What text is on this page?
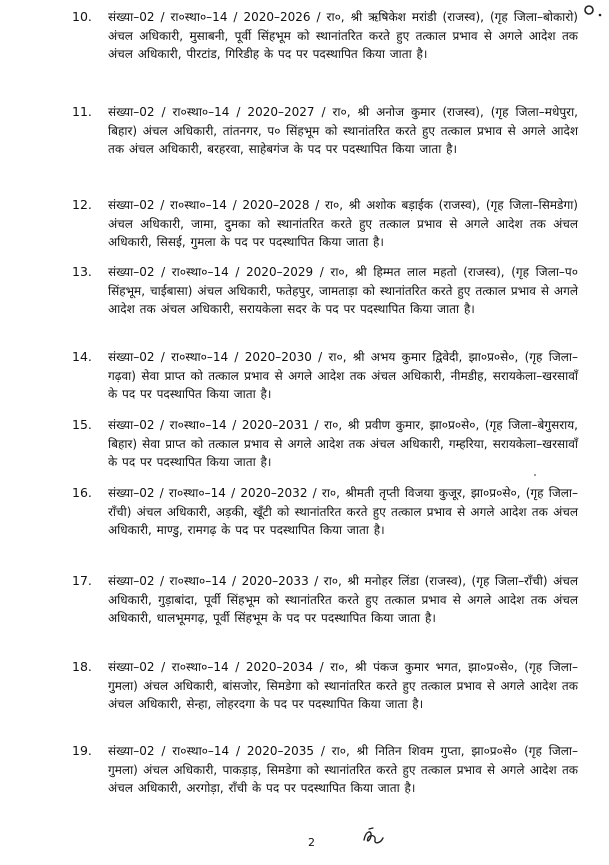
10.	संख्या–02 / रा०स्था०–14 / 2020–2026 / रा०, श्री ऋषिकेश मरांडी (राजस्व), (गृह जिला–बोकारो) अंचल अधिकारी, मुसाबनी, पूर्वी सिंहभूम को स्थानांतरित करते हुए तत्काल प्रभाव से अगले आदेश तक अंचल अधिकारी, पीरटांड, गिरिडीह के पद पर पदस्थापित किया जाता है।
11.	संख्या–02 / रा०स्था०–14 / 2020–2027 / रा०, श्री अनोज कुमार (राजस्व), (गृह जिला–मधेपुरा, बिहार) अंचल अधिकारी, तांतनगर, प० सिंहभूम को स्थानांतरित करते हुए तत्काल प्रभाव से अगले आदेश तक अंचल अधिकारी, बरहरवा, साहेबगंज के पद पर पदस्थापित किया जाता है।
12.	संख्या–02 / रा०स्था०–14 / 2020–2028 / रा०, श्री अशोक बड़ाईक (राजस्व), (गृह जिला–सिमडेगा) अंचल अधिकारी, जामा, दुमका को स्थानांतरित करते हुए तत्काल प्रभाव से अगले आदेश तक अंचल अधिकारी, सिसई, गुमला के पद पर पदस्थापित किया जाता है।
13.	संख्या–02 / रा०स्था०–14 / 2020–2029 / रा०, श्री हिम्मत लाल महतो (राजस्व), (गृह जिला–प० सिंहभूम, चाईबासा) अंचल अधिकारी, फतेहपुर, जामताड़ा को स्थानांतरित करते हुए तत्काल प्रभाव से अगले आदेश तक अंचल अधिकारी, सरायकेला सदर के पद पर पदस्थापित किया जाता है।
14.	संख्या–02 / रा०स्था०–14 / 2020–2030 / रा०, श्री अभय कुमार द्विवेदी, झा०प्र०से०, (गृह जिला–गढ़वा) सेवा प्राप्त को तत्काल प्रभाव से अगले आदेश तक अंचल अधिकारी, नीमडीह, सरायकेला–खरसावाँ के पद पर पदस्थापित किया जाता है।
15.	संख्या–02 / रा०स्था०–14 / 2020–2031 / रा०, श्री प्रवीण कुमार, झा०प्र०से०, (गृह जिला–बेगुसराय, बिहार) सेवा प्राप्त को तत्काल प्रभाव से अगले आदेश तक अंचल अधिकारी, गम्हरिया, सरायकेला–खरसावाँ के पद पर पदस्थापित किया जाता है।
16.	संख्या–02 / रा०स्था०–14 / 2020–2032 / रा०, श्रीमती तृप्ती विजया कुजूर, झा०प्र०से०, (गृह जिला–राँची) अंचल अधिकारी, अड़की, खूँटी को स्थानांतरित करते हुए तत्काल प्रभाव से अगले आदेश तक अंचल अधिकारी, माण्डु, रामगढ़ के पद पर पदस्थापित किया जाता है।
17.	संख्या–02 / रा०स्था०–14 / 2020–2033 / रा०, श्री मनोहर लिंडा (राजस्व), (गृह जिला–राँची) अंचल अधिकारी, गुड़ाबांदा, पूर्वी सिंहभूम को स्थानांतरित करते हुए तत्काल प्रभाव से अगले आदेश तक अंचल अधिकारी, धालभूमगढ़, पूर्वी सिंहभूम के पद पर पदस्थापित किया जाता है।
18.	संख्या–02 / रा०स्था०–14 / 2020–2034 / रा०, श्री पंकज कुमार भगत, झा०प्र०से०, (गृह जिला–गुमला) अंचल अधिकारी, बांसजोर, सिमडेगा को स्थानांतरित करते हुए तत्काल प्रभाव से अगले आदेश तक अंचल अधिकारी, सेन्हा, लोहरदगा के पद पर पदस्थापित किया जाता है।
19.	संख्या–02 / रा०स्था०–14 / 2020–2035 / रा०, श्री नितिन शिवम गुप्ता, झा०प्र०से० (गृह जिला–गुमला) अंचल अधिकारी, पाकड़ाड़, सिमडेगा को स्थानांतरित करते हुए तत्काल प्रभाव से अगले आदेश तक अंचल अधिकारी, अरगोड़ा, राँची के पद पर पदस्थापित किया जाता है।
2
